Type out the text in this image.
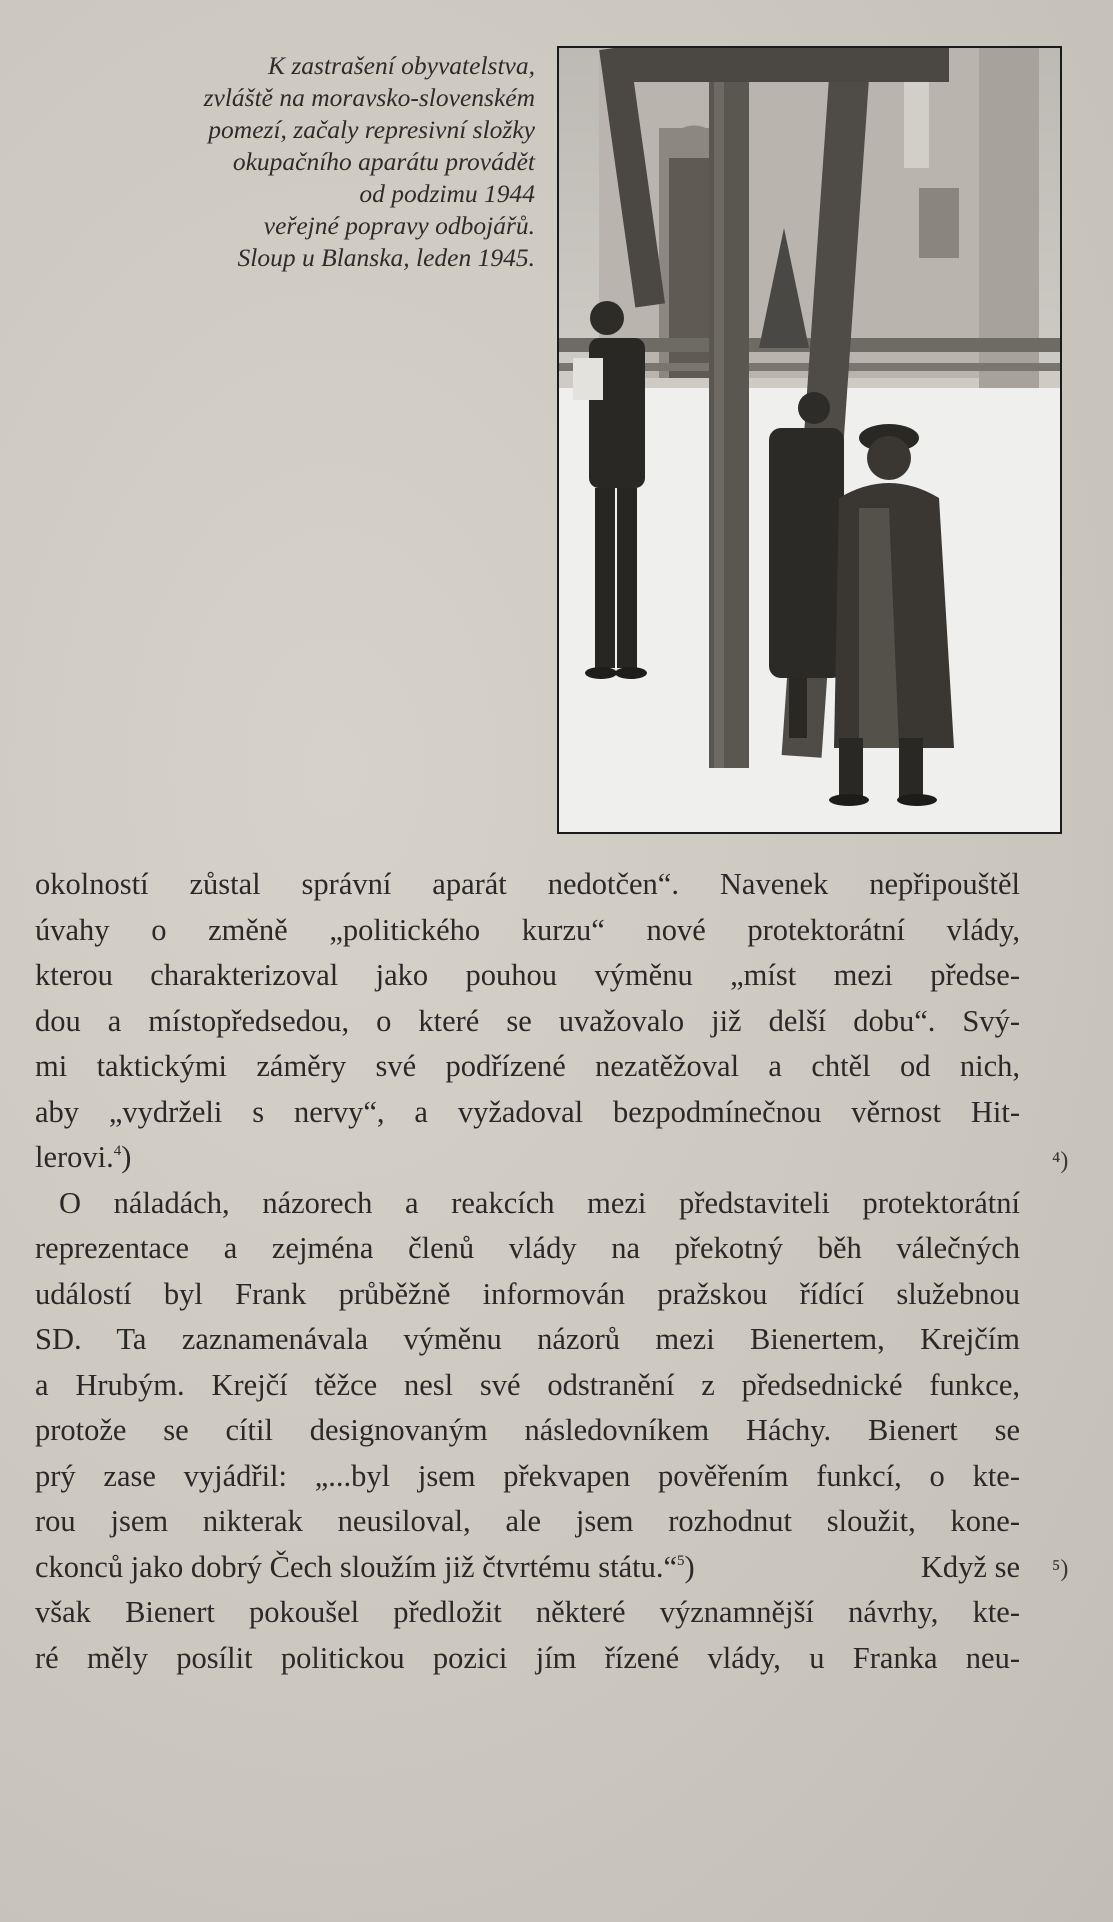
K zastrašení obyvatelstva,
zvláště na moravsko-slovenském
pomezí, začaly represivní složky
okupačního aparátu provádět
od podzimu 1944
veřejné popravy odbojářů.
Sloup u Blanska, leden 1945.
okolností zůstal správní aparát nedotčen“. Navenek nepřipouštěl
úvahy o změně „politického kurzu“ nové protektorátní vlády,
kterou charakterizoval jako pouhou výměnu „míst mezi předse-
dou a místopředsedou, o které se uvažovalo již delší dobu“. Svý-
mi taktickými záměry své podřízené nezatěžoval a chtěl od nich,
aby „vydrželi s nervy“, a vyžadoval bezpodmínečnou věrnost Hit-
lerovi.$^4$)
O náladách, názorech a reakcích mezi představiteli protektorátní
reprezentace a zejména členů vlády na překotný běh válečných
událostí byl Frank průběžně informován pražskou řídící služebnou
SD. Ta zaznamenávala výměnu názorů mezi Bienertem, Krejčím
a Hrubým. Krejčí těžce nesl své odstranění z předsednické funkce,
protože se cítil designovaným následovníkem Háchy. Bienert se
prý zase vyjádřil: „...byl jsem překvapen pověřením funkcí, o kte-
rou jsem nikterak neusiloval, ale jsem rozhodnut sloužit, kone-
ckonců jako dobrý Čech sloužím již čtvrtému státu.“$^5$)	Když se
však Bienert pokoušel předložit některé významnější návrhy, kte-
ré měly posílit politickou pozici jím řízené vlády, u Franka neu-
⁴)
⁵)
